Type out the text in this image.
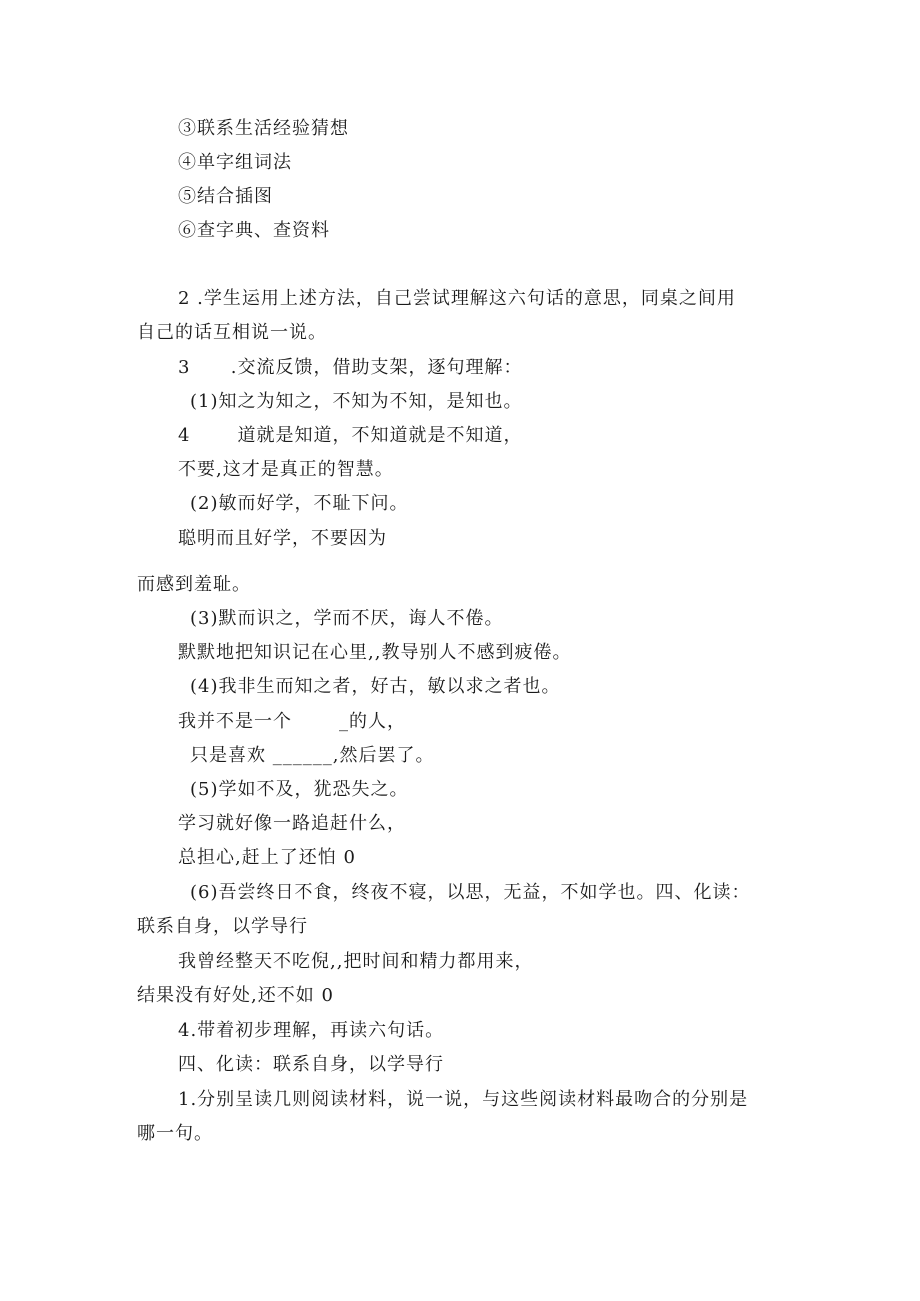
③联系生活经验猜想
④单字组词法
⑤结合插图
⑥查字典、查资料
2 .学生运用上述方法，自己尝试理解这六句话的意思，同桌之间用
自己的话互相说一说。
3      .交流反馈，借助支架，逐句理解：
(1)知之为知之，不知为不知，是知也。
4       道就是知道，不知道就是不知道，
不要,这才是真正的智慧。
(2)敏而好学，不耻下问。
聪明而且好学，不要因为
而感到羞耻。
(3)默而识之，学而不厌，诲人不倦。
默默地把知识记在心里,,教导别人不感到疲倦。
(4)我非生而知之者，好古，敏以求之者也。
我并不是一个       _的人，
只是喜欢 ______,然后罢了。
(5)学如不及，犹恐失之。
学习就好像一路追赶什么，
总担心,赶上了还怕 0
(6)吾尝终日不食，终夜不寝，以思，无益，不如学也。四、化读：
联系自身，以学导行
我曾经整天不吃倪,,把时间和精力都用来，
结果没有好处,还不如 0
4.带着初步理解，再读六句话。
四、化读：联系自身，以学导行
1.分别呈读几则阅读材料，说一说，与这些阅读材料最吻合的分别是
哪一句。
